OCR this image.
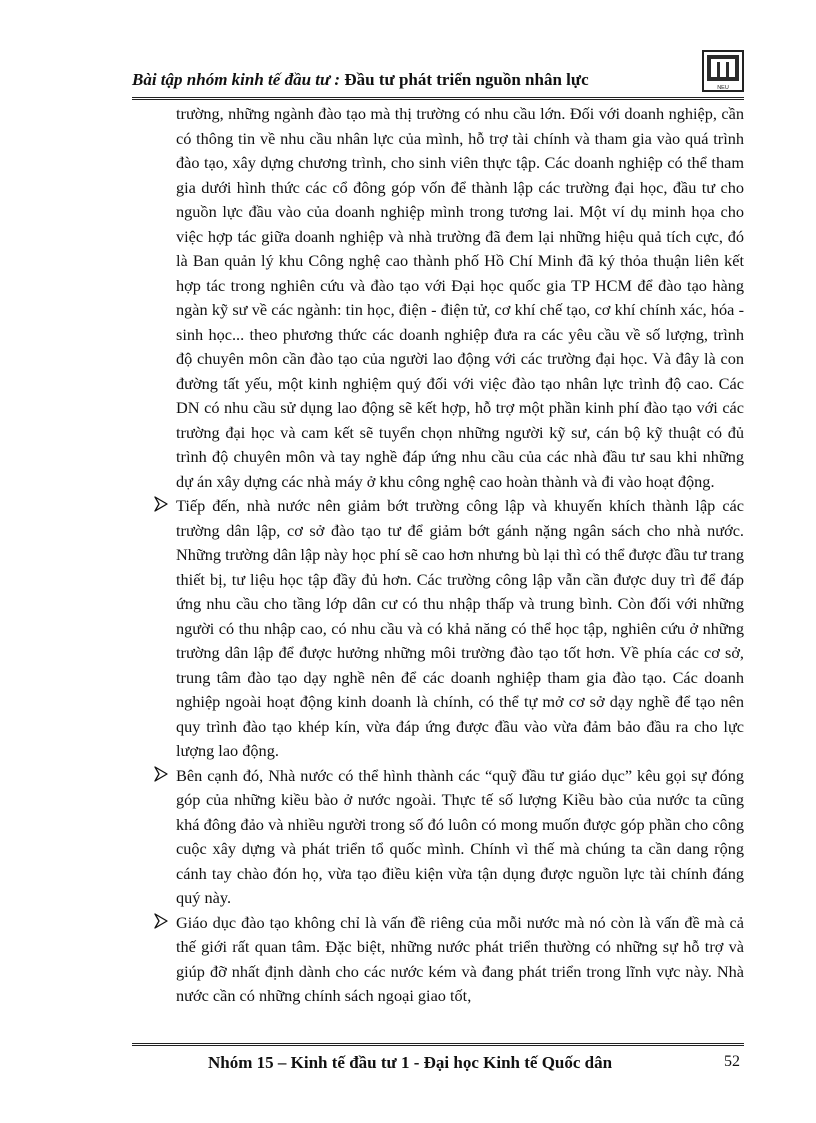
Bài tập nhóm kinh tế đầu tư : Đầu tư phát triển nguồn nhân lực	NEU

trường, những ngành đào tạo mà thị trường có nhu cầu lớn. Đối với doanh nghiệp, cần có thông tin về nhu cầu nhân lực của mình, hỗ trợ tài chính và tham gia vào quá trình đào tạo, xây dựng chương trình, cho sinh viên thực tập. Các doanh nghiệp có thể tham gia dưới hình thức các cổ đông góp vốn để thành lập các trường đại học, đầu tư cho nguồn lực đầu vào của doanh nghiệp mình trong tương lai. Một ví dụ minh họa cho việc hợp tác giữa doanh nghiệp và nhà trường đã đem lại những hiệu quả tích cực, đó là Ban quản lý khu Công nghệ cao thành phố Hồ Chí Minh đã ký thỏa thuận liên kết hợp tác trong nghiên cứu và đào tạo với Đại học quốc gia TP HCM để đào tạo hàng ngàn kỹ sư về các ngành: tin học, điện - điện tử, cơ khí chế tạo, cơ khí chính xác, hóa - sinh học... theo phương thức các doanh nghiệp đưa ra các yêu cầu về số lượng, trình độ chuyên môn cần đào tạo của người lao động với các trường đại học. Và đây là con đường tất yếu, một kinh nghiệm quý đối với việc đào tạo nhân lực trình độ cao. Các DN có nhu cầu sử dụng lao động sẽ kết hợp, hỗ trợ một phần kinh phí đào tạo với các trường đại học và cam kết sẽ tuyển chọn những người kỹ sư, cán bộ kỹ thuật có đủ trình độ chuyên môn và tay nghề đáp ứng nhu cầu của các nhà đầu tư sau khi những dự án xây dựng các nhà máy ở khu công nghệ cao hoàn thành và đi vào hoạt động.

Tiếp đến, nhà nước nên giảm bớt trường công lập và khuyến khích thành lập các trường dân lập, cơ sở đào tạo tư để giảm bớt gánh nặng ngân sách cho nhà nước. Những trường dân lập này học phí sẽ cao hơn nhưng bù lại thì có thể được đầu tư trang thiết bị, tư liệu học tập đầy đủ hơn. Các trường công lập vẫn cần được duy trì để đáp ứng nhu cầu cho tầng lớp dân cư có thu nhập thấp và trung bình. Còn đối với những người có thu nhập cao, có nhu cầu và có khả năng có thể học tập, nghiên cứu ở những trường dân lập để được hưởng những môi trường đào tạo tốt hơn. Về phía các cơ sở, trung tâm đào tạo dạy nghề nên để các doanh nghiệp tham gia đào tạo. Các doanh nghiệp ngoài hoạt động kinh doanh là chính, có thể tự mở cơ sở dạy nghề để tạo nên quy trình đào tạo khép kín, vừa đáp ứng được đầu vào vừa đảm bảo đầu ra cho lực lượng lao động.

Bên cạnh đó, Nhà nước có thể hình thành các “quỹ đầu tư giáo dục” kêu gọi sự đóng góp của những kiều bào ở nước ngoài. Thực tế số lượng Kiều bào của nước ta cũng khá đông đảo và nhiều người trong số đó luôn có mong muốn được góp phần cho công cuộc xây dựng và phát triển tổ quốc mình. Chính vì thế mà chúng ta cần dang rộng cánh tay chào đón họ, vừa tạo điều kiện vừa tận dụng được nguồn lực tài chính đáng quý này.

Giáo dục đào tạo không chỉ là vấn đề riêng của mỗi nước mà nó còn là vấn đề mà cả thế giới rất quan tâm. Đặc biệt, những nước phát triển thường có những sự hỗ trợ và giúp đỡ nhất định dành cho các nước kém và đang phát triển trong lĩnh vực này. Nhà nước cần có những chính sách ngoại giao tốt,

Nhóm 15 – Kinh tế đầu tư 1 - Đại học Kinh tế Quốc dân	52
